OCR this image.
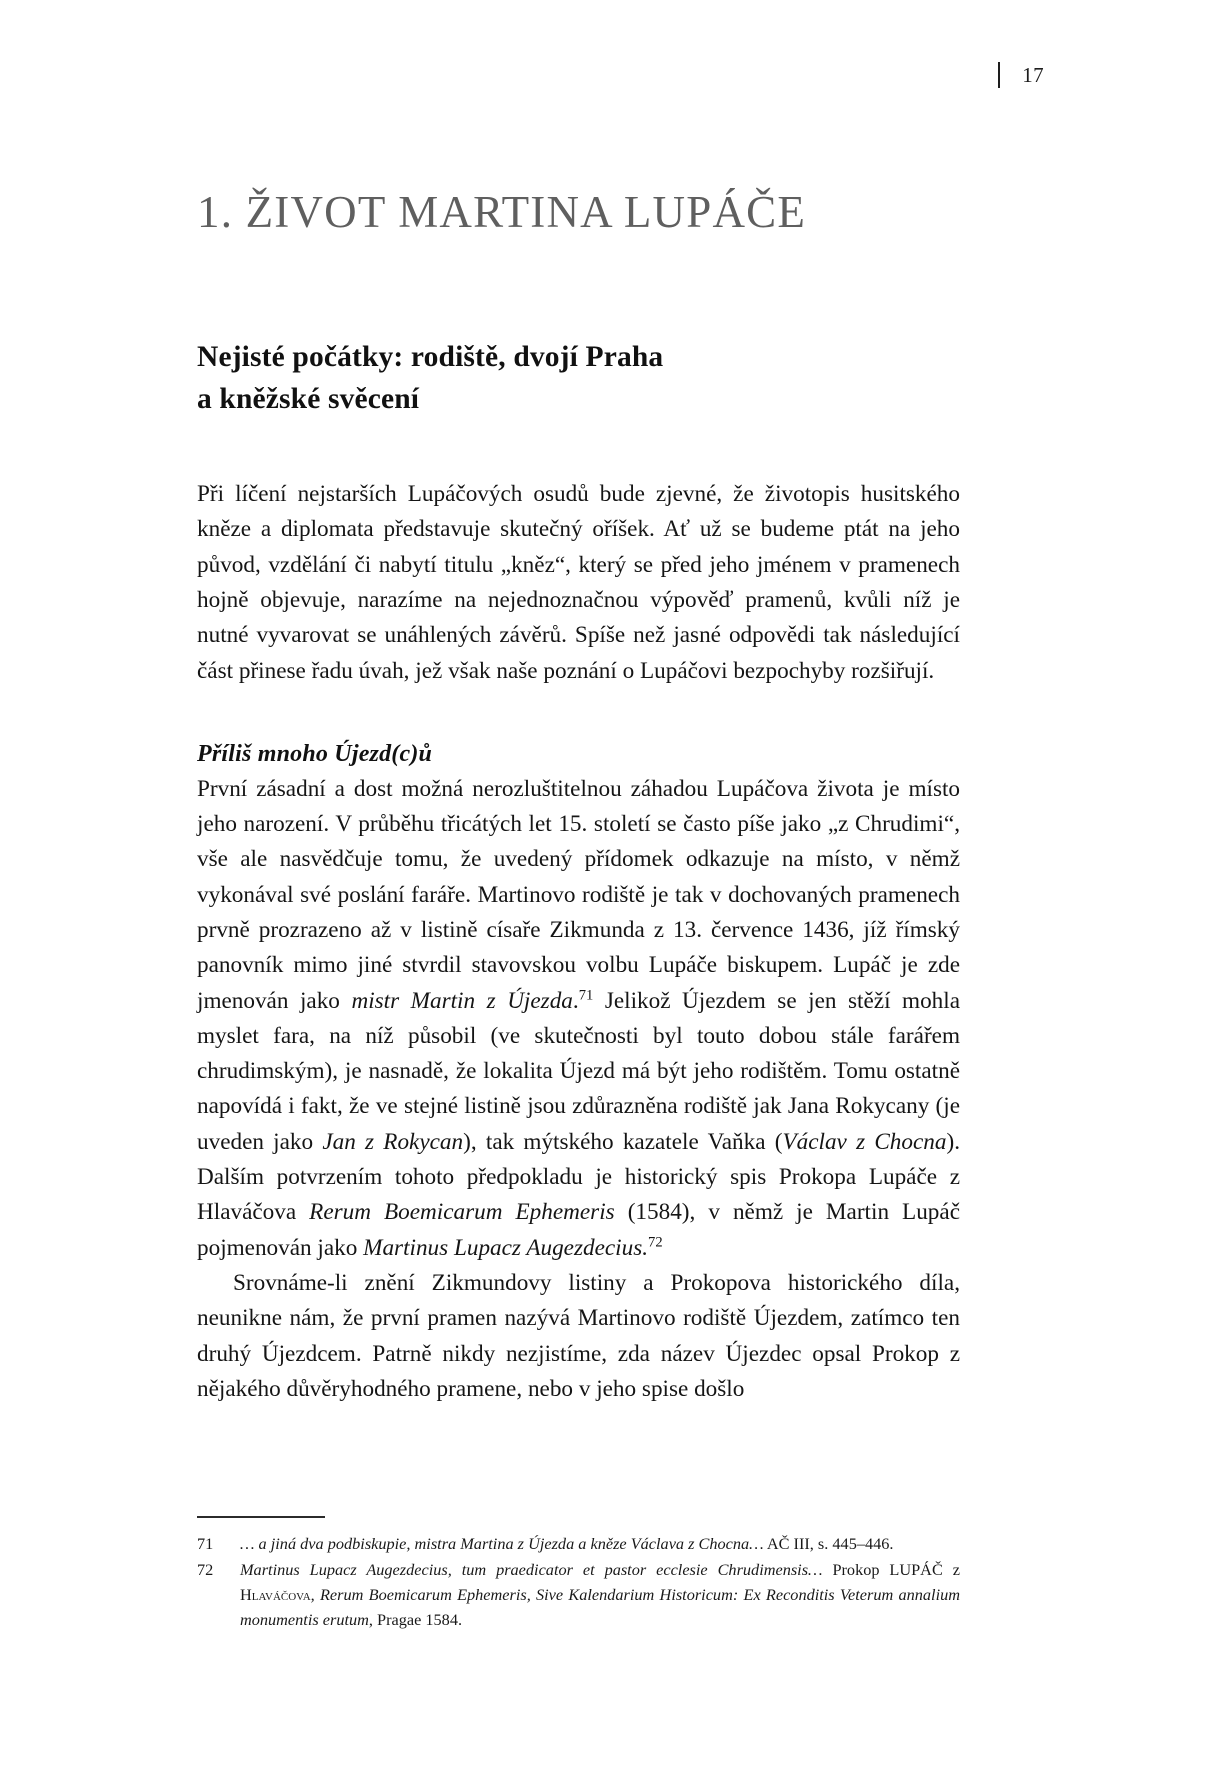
17
1. ŽIVOT MARTINA LUPÁČE
Nejisté počátky: rodiště, dvojí Praha
a kněžské svěcení

Při líčení nejstarších Lupáčových osudů bude zjevné, že životopis husitského kněze a diplomata představuje skutečný oříšek. Ať už se budeme ptát na jeho původ, vzdělání či nabytí titulu „kněz“, který se před jeho jménem v pramenech hojně objevuje, narazíme na nejednoznačnou výpověď pramenů, kvůli níž je nutné vyvarovat se unáhlených závěrů. Spíše než jasné odpovědi tak následující část přinese řadu úvah, jež však naše poznání o Lupáčovi bezpochyby rozšiřují.

Příliš mnoho Újezd(c)ů

První zásadní a dost možná nerozluštitelnou záhadou Lupáčova života je místo jeho narození. V průběhu třicátých let 15. století se často píše jako „z Chrudimi“, vše ale nasvědčuje tomu, že uvedený přídomek odkazuje na místo, v němž vykonával své poslání faráře. Martinovo rodiště je tak v dochovaných pramenech prvně prozrazeno až v listině císaře Zikmunda z 13. července 1436, jíž římský panovník mimo jiné stvrdil stavovskou volbu Lupáče biskupem. Lupáč je zde jmenován jako mistr Martin z Újezda.$^{71}$ Jelikož Újezdem se jen stěží mohla myslet fara, na níž působil (ve skutečnosti byl touto dobou stále farářem chrudimským), je nasnadě, že lokalita Újezd má být jeho rodištěm. Tomu ostatně napovídá i fakt, že ve stejné listině jsou zdůrazněna rodiště jak Jana Rokycany (je uveden jako Jan z Rokycan), tak mýtského kazatele Vaňka (Václav z Chocna). Dalším potvrzením tohoto předpokladu je historický spis Prokopa Lupáče z Hlaváčova Rerum Boemicarum Ephemeris (1584), v němž je Martin Lupáč pojmenován jako Martinus Lupacz Augezdecius.$^{72}$

Srovnáme-li znění Zikmundovy listiny a Prokopova historického díla, neunikne nám, že první pramen nazývá Martinovo rodiště Újezdem, zatímco ten druhý Újezdcem. Patrně nikdy nezjistíme, zda název Újezdec opsal Prokop z nějakého důvěryhodného pramene, nebo v jeho spise došlo

71	… a jiná dva podbiskupie, mistra Martina z Újezda a kněze Václava z Chocna… AČ III, s. 445–446.
72	Martinus Lupacz Augezdecius, tum praedicator et pastor ecclesie Chrudimensis… Prokop LUPÁČ z Hlaváčova, Rerum Boemicarum Ephemeris, Sive Kalendarium Historicum: Ex Reconditis Veterum annalium monumentis erutum, Pragae 1584.
